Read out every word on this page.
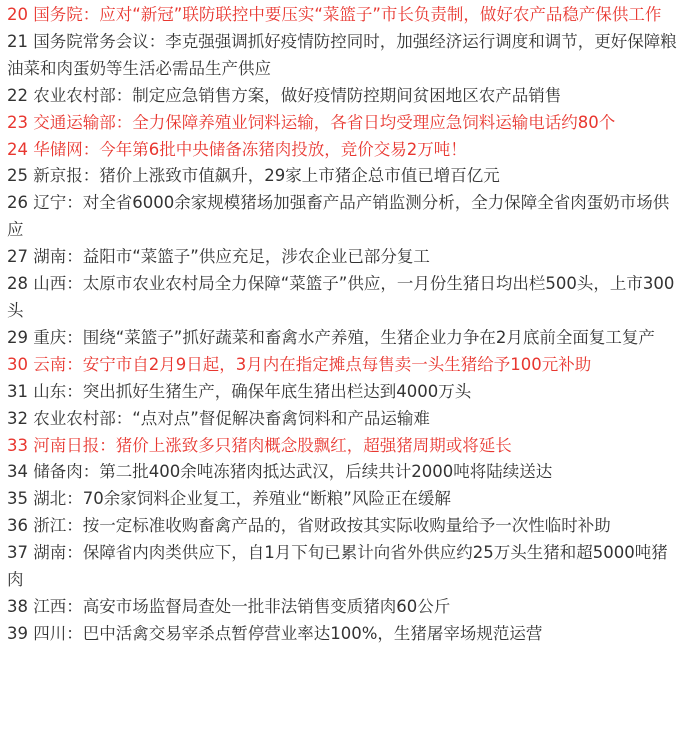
20 国务院：应对“新冠”联防联控中要压实“菜篮子”市长负责制，做好农产品稳产保供工作
21 国务院常务会议：李克强强调抓好疫情防控同时，加强经济运行调度和调节，更好保障粮油菜和肉蛋奶等生活必需品生产供应
22 农业农村部：制定应急销售方案，做好疫情防控期间贫困地区农产品销售
23 交通运输部：全力保障养殖业饲料运输，各省日均受理应急饲料运输电话约80个
24 华储网：今年第6批中央储备冻猪肉投放，竞价交易2万吨！
25 新京报：猪价上涨致市值飙升，29家上市猪企总市值已增百亿元
26 辽宁：对全省6000余家规模猪场加强畜产品产销监测分析，全力保障全省肉蛋奶市场供应
27 湖南：益阳市“菜篮子”供应充足，涉农企业已部分复工
28 山西：太原市农业农村局全力保障“菜篮子”供应，一月份生猪日均出栏500头，上市300头
29 重庆：围绕“菜篮子”抓好蔬菜和畜禽水产养殖，生猪企业力争在2月底前全面复工复产
30 云南：安宁市自2月9日起，3月内在指定摊点每售卖一头生猪给予100元补助
31 山东：突出抓好生猪生产，确保年底生猪出栏达到4000万头
32 农业农村部：“点对点”督促解决畜禽饲料和产品运输难
33 河南日报：猪价上涨致多只猪肉概念股飘红，超强猪周期或将延长
34 储备肉：第二批400余吨冻猪肉抵达武汉，后续共计2000吨将陆续送达
35 湖北：70余家饲料企业复工，养殖业“断粮”风险正在缓解
36 浙江：按一定标准收购畜禽产品的，省财政按其实际收购量给予一次性临时补助
37 湖南：保障省内肉类供应下，自1月下旬已累计向省外供应约25万头生猪和超5000吨猪肉
38 江西：高安市场监督局查处一批非法销售变质猪肉60公斤
39 四川：巴中活禽交易宰杀点暂停营业率达100%，生猪屠宰场规范运营
